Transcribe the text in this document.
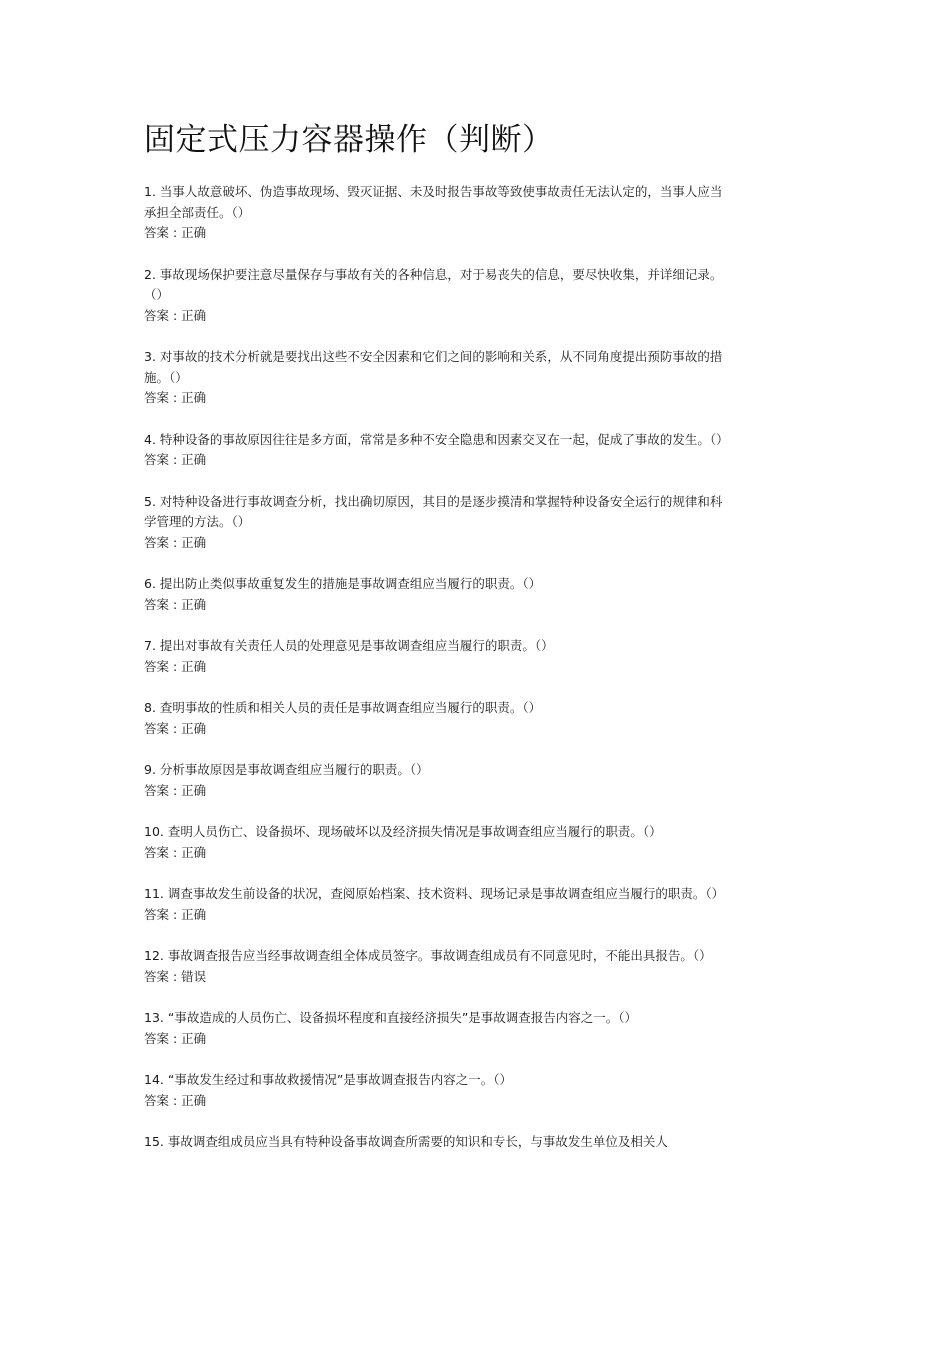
固定式压力容器操作（判断）

1. 当事人故意破坏、伪造事故现场、毁灭证据、未及时报告事故等致使事故责任无法认定的，当事人应当承担全部责任。（）

答案 : 正确

2. 事故现场保护要注意尽量保存与事故有关的各种信息，对于易丧失的信息，要尽快收集，并详细记录。（）

答案 : 正确

3. 对事故的技术分析就是要找出这些不安全因素和它们之间的影响和关系，从不同角度提出预防事故的措施。（）

答案 : 正确

4. 特种设备的事故原因往往是多方面，常常是多种不安全隐患和因素交叉在一起，促成了事故的发生。（）

答案 : 正确

5. 对特种设备进行事故调查分析，找出确切原因，其目的是逐步摸清和掌握特种设备安全运行的规律和科学管理的方法。（）

答案 : 正确

6. 提出防止类似事故重复发生的措施是事故调查组应当履行的职责。（）

答案 : 正确

7. 提出对事故有关责任人员的处理意见是事故调查组应当履行的职责。（）

答案 : 正确

8. 查明事故的性质和相关人员的责任是事故调查组应当履行的职责。（）

答案 : 正确

9. 分析事故原因是事故调查组应当履行的职责。（）

答案 : 正确

10. 查明人员伤亡、设备损坏、现场破坏以及经济损失情况是事故调查组应当履行的职责。（）

答案 : 正确

11. 调查事故发生前设备的状况，查阅原始档案、技术资料、现场记录是事故调查组应当履行的职责。（）

答案 : 正确

12. 事故调查报告应当经事故调查组全体成员签字。事故调查组成员有不同意见时，不能出具报告。（）

答案 : 错误

13. “事故造成的人员伤亡、设备损坏程度和直接经济损失”是事故调查报告内容之一。（）

答案 : 正确

14. “事故发生经过和事故救援情况”是事故调查报告内容之一。（）

答案 : 正确

15. 事故调查组成员应当具有特种设备事故调查所需要的知识和专长，与事故发生单位及相关人
